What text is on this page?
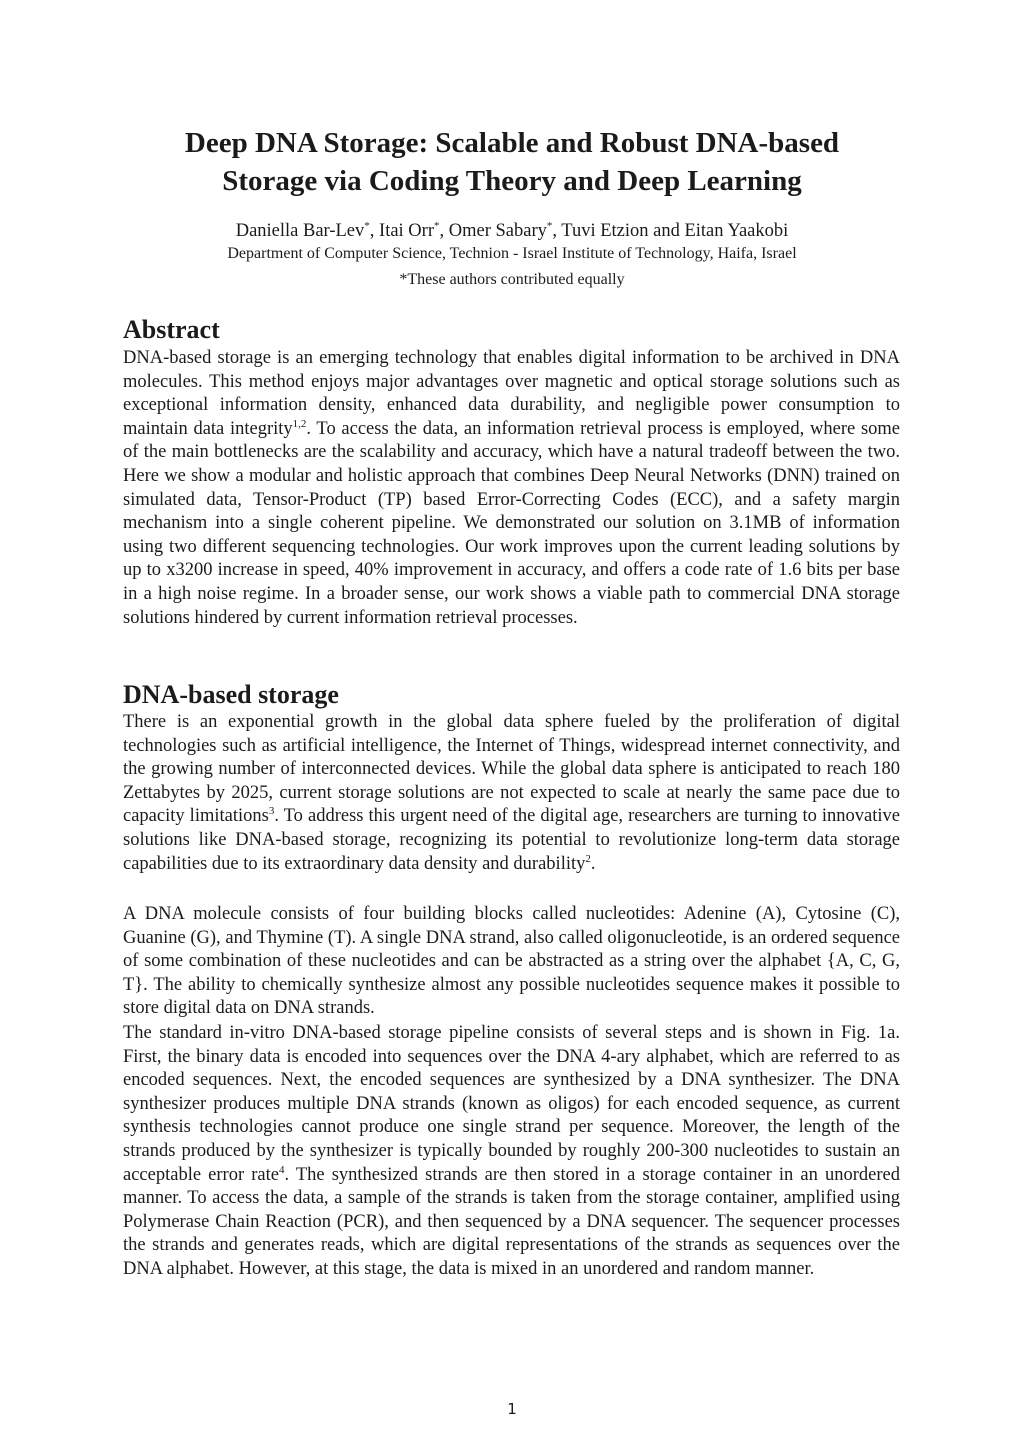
Deep DNA Storage: Scalable and Robust DNA-based
Storage via Coding Theory and Deep Learning
Daniella Bar-Lev*, Itai Orr*, Omer Sabary*, Tuvi Etzion and Eitan Yaakobi
Department of Computer Science, Technion - Israel Institute of Technology, Haifa, Israel
*These authors contributed equally
Abstract

DNA-based storage is an emerging technology that enables digital information to be archived in DNA molecules. This method enjoys major advantages over magnetic and optical storage solutions such as exceptional information density, enhanced data durability, and negligible power consumption to maintain data integrity$^{1,2}$. To access the data, an information retrieval process is employed, where some of the main bottlenecks are the scalability and accuracy, which have a natural tradeoff between the two. Here we show a modular and holistic approach that combines Deep Neural Networks (DNN) trained on simulated data, Tensor-Product (TP) based Error-Correcting Codes (ECC), and a safety margin mechanism into a single coherent pipeline. We demonstrated our solution on 3.1MB of information using two different sequencing technologies. Our work improves upon the current leading solutions by up to x3200 increase in speed, 40% improvement in accuracy, and offers a code rate of 1.6 bits per base in a high noise regime. In a broader sense, our work shows a viable path to commercial DNA storage solutions hindered by current information retrieval processes.

DNA-based storage

There is an exponential growth in the global data sphere fueled by the proliferation of digital technologies such as artificial intelligence, the Internet of Things, widespread internet connectivity, and the growing number of interconnected devices. While the global data sphere is anticipated to reach 180 Zettabytes by 2025, current storage solutions are not expected to scale at nearly the same pace due to capacity limitations$^3$. To address this urgent need of the digital age, researchers are turning to innovative solutions like DNA-based storage, recognizing its potential to revolutionize long-term data storage capabilities due to its extraordinary data density and durability$^2$.

A DNA molecule consists of four building blocks called nucleotides: Adenine (A), Cytosine (C), Guanine (G), and Thymine (T). A single DNA strand, also called oligonucleotide, is an ordered sequence of some combination of these nucleotides and can be abstracted as a string over the alphabet {A, C, G, T}. The ability to chemically synthesize almost any possible nucleotides sequence makes it possible to store digital data on DNA strands.

The standard in-vitro DNA-based storage pipeline consists of several steps and is shown in Fig. 1a. First, the binary data is encoded into sequences over the DNA 4-ary alphabet, which are referred to as encoded sequences. Next, the encoded sequences are synthesized by a DNA synthesizer. The DNA synthesizer produces multiple DNA strands (known as oligos) for each encoded sequence, as current synthesis technologies cannot produce one single strand per sequence. Moreover, the length of the strands produced by the synthesizer is typically bounded by roughly 200-300 nucleotides to sustain an acceptable error rate$^4$. The synthesized strands are then stored in a storage container in an unordered manner. To access the data, a sample of the strands is taken from the storage container, amplified using Polymerase Chain Reaction (PCR), and then sequenced by a DNA sequencer. The sequencer processes the strands and generates reads, which are digital representations of the strands as sequences over the DNA alphabet. However, at this stage, the data is mixed in an unordered and random manner.

1
